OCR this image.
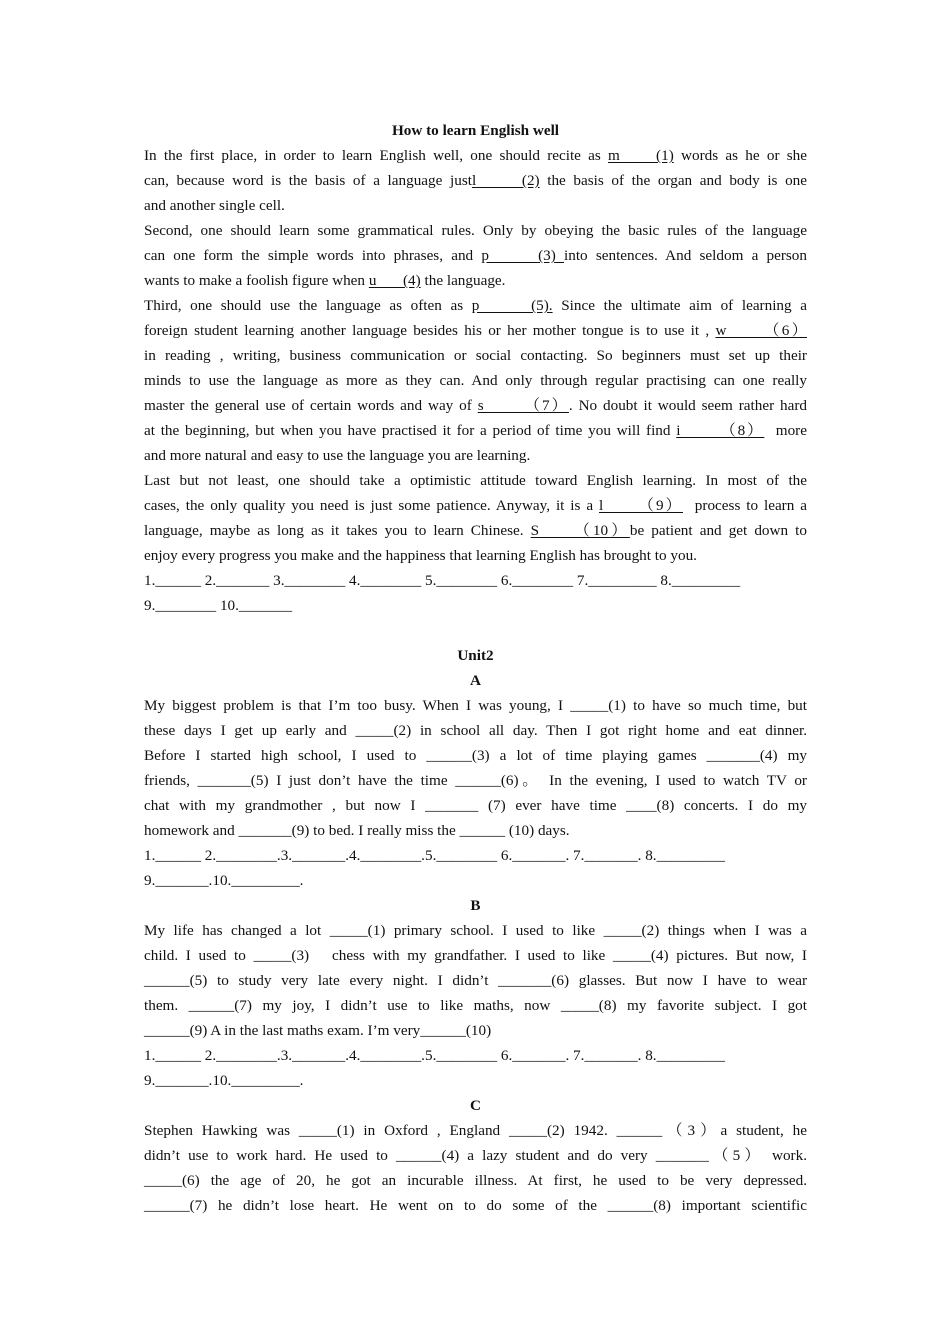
How to learn English well
In the first place, in order to learn English well, one should recite as m     (1) words as he or she
can, because word is the basis of a language justl      (2) the basis of the organ and body is one
and another single cell.
Second, one should learn some grammatical rules. Only by obeying the basic rules of the language
can one form the simple words into phrases, and p      (3) into sentences. And seldom a person
wants to make a foolish figure when u       (4) the language.
Third, one should use the language as often as p      (5). Since the ultimate aim of learning a
foreign student learning another language besides his or her mother tongue is to use it , w      （6）
in reading , writing, business communication or social contacting. So beginners must set up their
minds to use the language as more as they can. And only through regular practising can one really
master the general use of certain words and way of s       （7）. No doubt it would seem rather hard
at the beginning, but when you have practised it for a period of time you will find i       （8）  more
and more natural and easy to use the language you are learning.
Last but not least, one should take a optimistic attitude toward English learning. In most of the
cases, the only quality you need is just some patience. Anyway, it is a l      （9）  process to learn a
language, maybe as long as it takes you to learn Chinese. S     （10）be patient and get down to
enjoy every progress you make and the happiness that learning English has brought to you.
1.______ 2._______ 3.________ 4.________ 5.________ 6.________ 7._________ 8._________
9.________ 10._______
Unit2
A
My biggest problem is that I’m too busy. When I was young, I _____(1) to have so much time, but
these days I get up early and _____(2) in school all day. Then I got right home and eat dinner.
Before I started high school, I used to ______(3) a lot of time playing games _______(4) my
friends, _______(5) I just don’t have the time ______(6)。 In the evening, I used to watch TV or
chat with my grandmother , but now I _______ (7) ever have time ____(8) concerts. I do my
homework and _______(9) to bed. I really miss the ______ (10) days.
1.______ 2.________.3._______.4.________.5.________ 6._______. 7._______. 8._________
9._______.10._________.
B
My life has changed a lot _____(1) primary school. I used to like _____(2) things when I was a
child. I used to _____(3)   chess with my grandfather. I used to like _____(4) pictures. But now, I
______(5) to study very late every night. I didn’t _______(6) glasses. But now I have to wear
them. ______(7) my joy, I didn’t use to like maths, now _____(8) my favorite subject. I got
______(9) A in the last maths exam. I’m very______(10)
1.______ 2.________.3._______.4.________.5.________ 6._______. 7._______. 8._________
9._______.10._________.
C
Stephen Hawking was _____(1) in Oxford , England _____(2) 1942. ______（3）a student, he
didn’t use to work hard. He used to ______(4) a lazy student and do very _______（5） work.
_____(6) the age of 20, he got an incurable illness. At first, he used to be very depressed.
______(7) he didn’t lose heart. He went on to do some of the ______(8) important scientific
